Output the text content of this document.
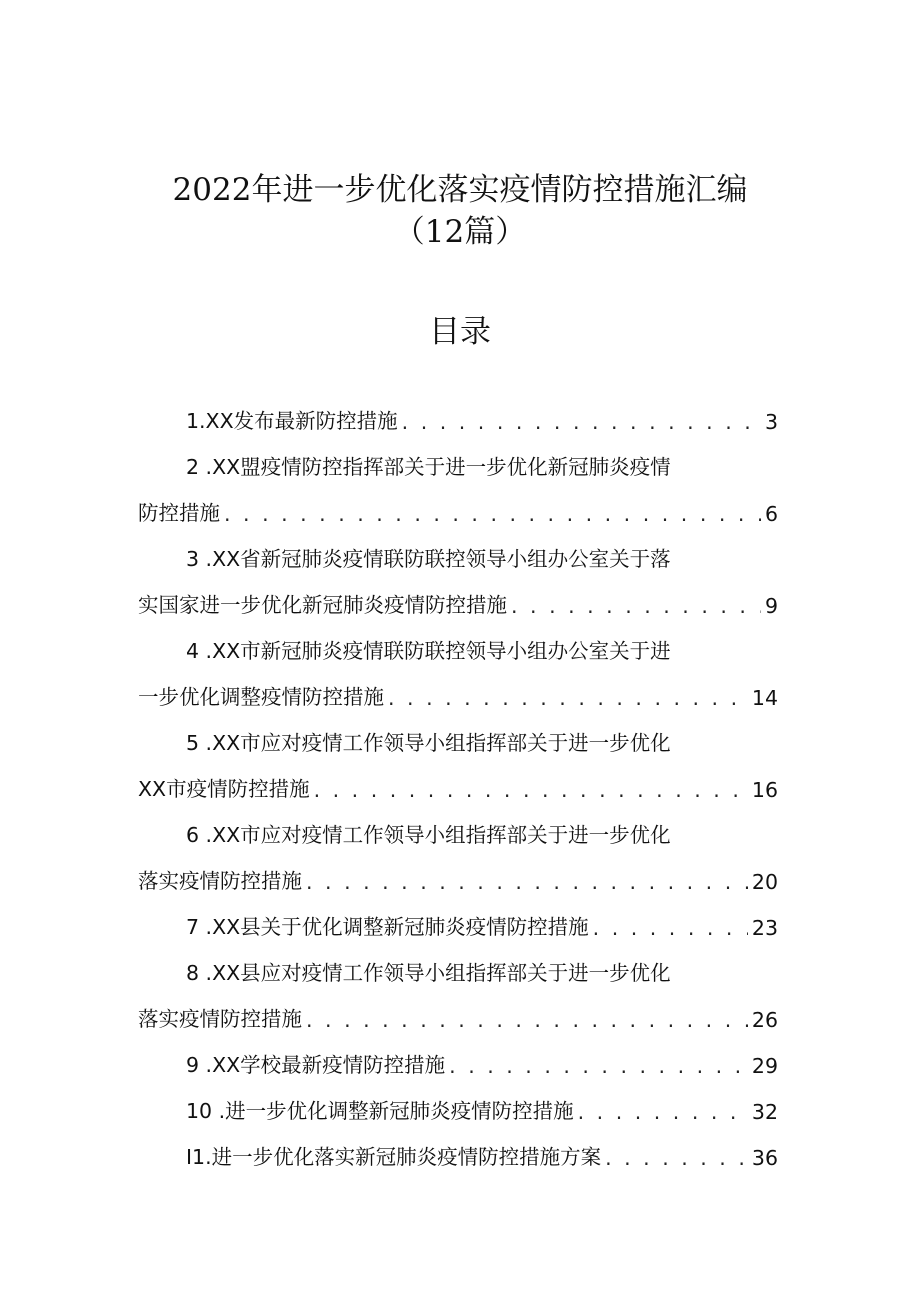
2022年进一步优化落实疫情防控措施汇编
（12篇）
目录
1.XX发布最新防控措施 . . .	3
2 .XX盟疫情防控指挥部关于进一步优化新冠肺炎疫情
防控措施 . . .	6
3 .XX省新冠肺炎疫情联防联控领导小组办公室关于落
实国家进一步优化新冠肺炎疫情防控措施 . . .	9
4 .XX市新冠肺炎疫情联防联控领导小组办公室关于进
一步优化调整疫情防控措施 . . .	14
5 .XX市应对疫情工作领导小组指挥部关于进一步优化
XX市疫情防控措施 . . .	16
6 .XX市应对疫情工作领导小组指挥部关于进一步优化
落实疫情防控措施 . . .	20
7 .XX县关于优化调整新冠肺炎疫情防控措施 . . .	23
8 .XX县应对疫情工作领导小组指挥部关于进一步优化
落实疫情防控措施 . . .	26
9 .XX学校最新疫情防控措施 . . .	29
10 .进一步优化调整新冠肺炎疫情防控措施 . . .	32
I1.进一步优化落实新冠肺炎疫情防控措施方案 . . .	36
